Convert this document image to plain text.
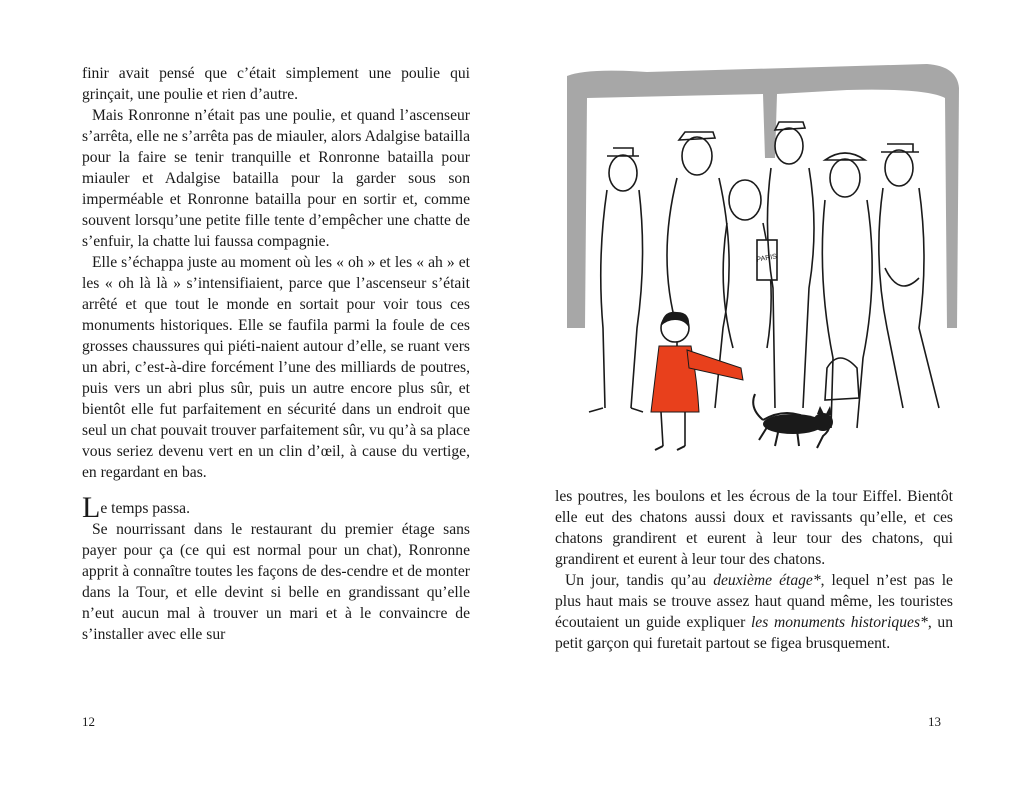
finir avait pensé que c’était simplement une poulie qui grinçait, une poulie et rien d’autre.

Mais Ronronne n’était pas une poulie, et quand l’ascenseur s’arrêta, elle ne s’arrêta pas de miauler, alors Adalgise batailla pour la faire se tenir tranquille et Ronronne batailla pour miauler et Adalgise batailla pour la garder sous son imperméable et Ronronne batailla pour en sortir et, comme souvent lorsqu’une petite fille tente d’empêcher une chatte de s’enfuir, la chatte lui faussa compagnie.

Elle s’échappa juste au moment où les « oh » et les « ah » et les « oh là là » s’intensifiaient, parce que l’ascenseur s’était arrêté et que tout le monde en sortait pour voir tous ces monuments historiques. Elle se faufila parmi la foule de ces grosses chaussures qui piéti-naient autour d’elle, se ruant vers un abri, c’est-à-dire forcément l’une des milliards de poutres, puis vers un abri plus sûr, puis un autre encore plus sûr, et bientôt elle fut parfaitement en sécurité dans un endroit que seul un chat pouvait trouver parfaitement sûr, vu qu’à sa place vous seriez devenu vert en un clin d’œil, à cause du vertige, en regardant en bas.

Le temps passa.

Se nourrissant dans le restaurant du premier étage sans payer pour ça (ce qui est normal pour un chat), Ronronne apprit à connaître toutes les façons de des-cendre et de monter dans la Tour, et elle devint si belle en grandissant qu’elle n’eut aucun mal à trouver un mari et à le convaincre de s’installer avec elle sur

12
PARIS

les poutres, les boulons et les écrous de la tour Eiffel. Bientôt elle eut des chatons aussi doux et ravissants qu’elle, et ces chatons grandirent et eurent à leur tour des chatons, qui grandirent et eurent à leur tour des chatons.

Un jour, tandis qu’au deuxième étage*, lequel n’est pas le plus haut mais se trouve assez haut quand même, les touristes écoutaient un guide expliquer les monuments historiques*, un petit garçon qui furetait partout se figea brusquement.

13
